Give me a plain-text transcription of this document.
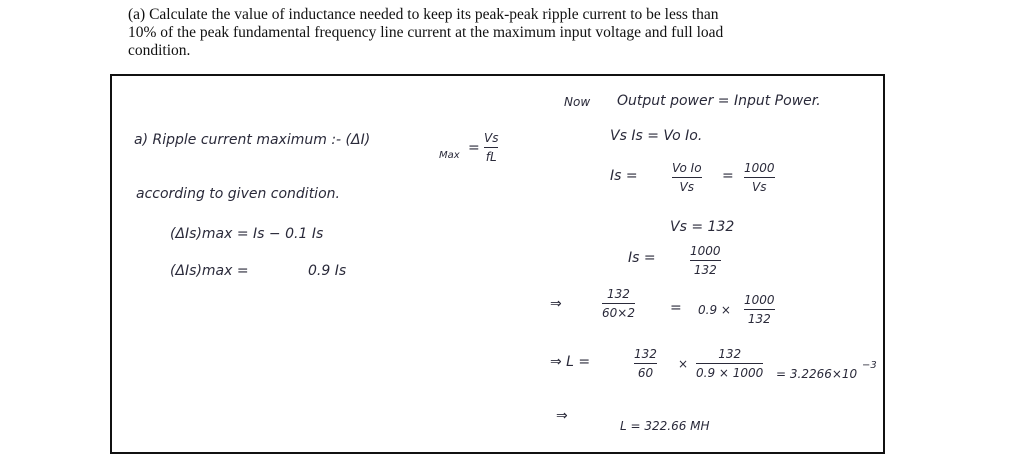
(a) Calculate the value of inductance needed to keep its peak-peak ripple current to be less than
10% of the peak fundamental frequency line current at the maximum input voltage and full load
condition.
a) Ripple current maximum :- (ΔI)
Max =
Vs
fL
according to given condition.
(ΔIs)max = Is − 0.1 Is
(ΔIs)max =	0.9 Is
Now Output power = Input Power.
Vs Is = Vo Io.
Is =	Vo Io
Vs
= 1000
Vs
Vs = 132
Is =	1000
132
⇒
132
60×2	= 0.9 ×
1000
132
⇒ L =	132
60
×
132
0.9 × 1000 = 3.2266×10
−3
⇒
L = 322.66 MH
